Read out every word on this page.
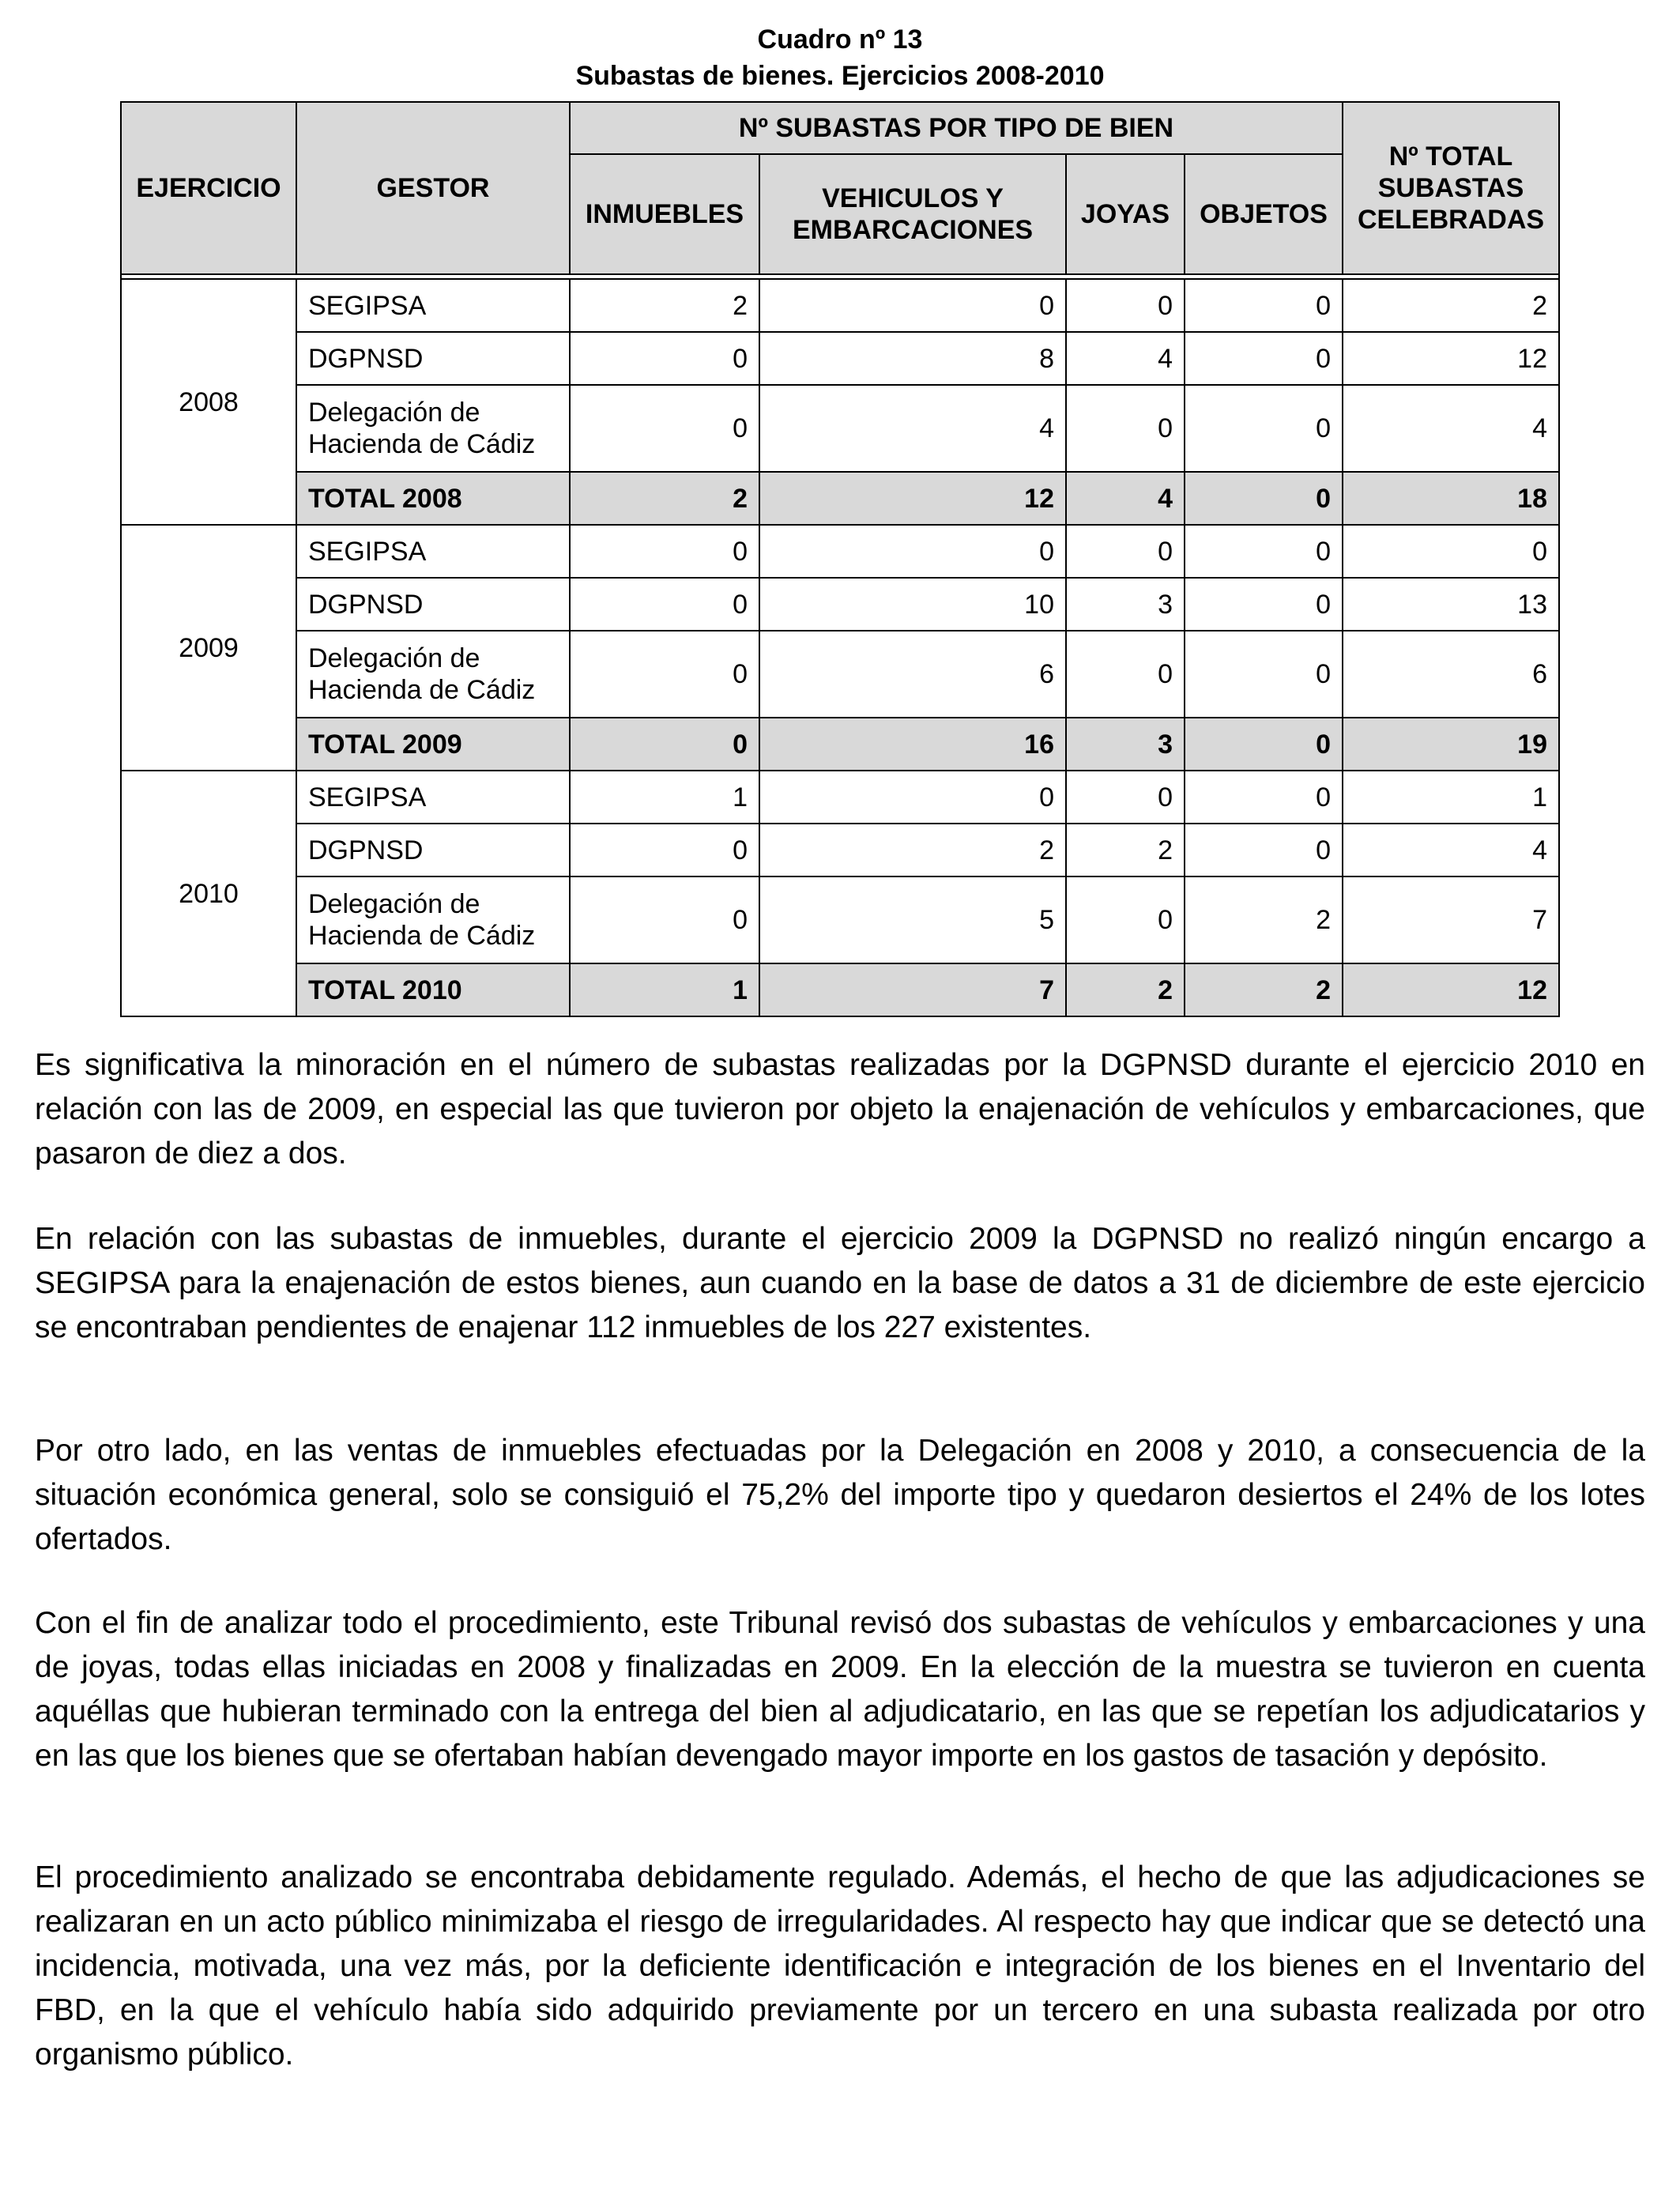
Cuadro nº 13
Subastas de bienes. Ejercicios 2008-2010
EJERCICIO	GESTOR	Nº SUBASTAS POR TIPO DE BIEN				Nº TOTAL SUBASTAS CELEBRADAS
		INMUEBLES	VEHICULOS Y EMBARCACIONES	JOYAS	OBJETOS	

2008	SEGIPSA	2	0	0	0	2
	DGPNSD	0	8	4	0	12
	Delegación de Hacienda de Cádiz	0	4	0	0	4
	TOTAL 2008	2	12	4	0	18
2009	SEGIPSA	0	0	0	0	0
	DGPNSD	0	10	3	0	13
	Delegación de Hacienda de Cádiz	0	6	0	0	6
	TOTAL 2009	0	16	3	0	19
2010	SEGIPSA	1	0	0	0	1
	DGPNSD	0	2	2	0	4
	Delegación de Hacienda de Cádiz	0	5	0	2	7
	TOTAL 2010	1	7	2	2	12

Es significativa la minoración en el número de subastas realizadas por la DGPNSD durante el ejercicio 2010 en relación con las de 2009, en especial las que tuvieron por objeto la enajenación de vehículos y embarcaciones, que pasaron de diez a dos.

En relación con las subastas de inmuebles, durante el ejercicio 2009 la DGPNSD no realizó ningún encargo a SEGIPSA para la enajenación de estos bienes, aun cuando en la base de datos a 31 de diciembre de este ejercicio se encontraban pendientes de enajenar 112 inmuebles de los 227 existentes.

Por otro lado, en las ventas de inmuebles efectuadas por la Delegación en 2008 y 2010, a consecuencia de la situación económica general, solo se consiguió el 75,2% del importe tipo y quedaron desiertos el 24% de los lotes ofertados.

Con el fin de analizar todo el procedimiento, este Tribunal revisó dos subastas de vehículos y embarcaciones y una de joyas, todas ellas iniciadas en 2008 y finalizadas en 2009. En la elección de la muestra se tuvieron en cuenta aquéllas que hubieran terminado con la entrega del bien al adjudicatario, en las que se repetían los adjudicatarios y en las que los bienes que se ofertaban habían devengado mayor importe en los gastos de tasación y depósito.

El procedimiento analizado se encontraba debidamente regulado. Además, el hecho de que las adjudicaciones se realizaran en un acto público minimizaba el riesgo de irregularidades. Al respecto hay que indicar que se detectó una incidencia, motivada, una vez más, por la deficiente identificación e integración de los bienes en el Inventario del FBD, en la que el vehículo había sido adquirido previamente por un tercero en una subasta realizada por otro organismo público.
